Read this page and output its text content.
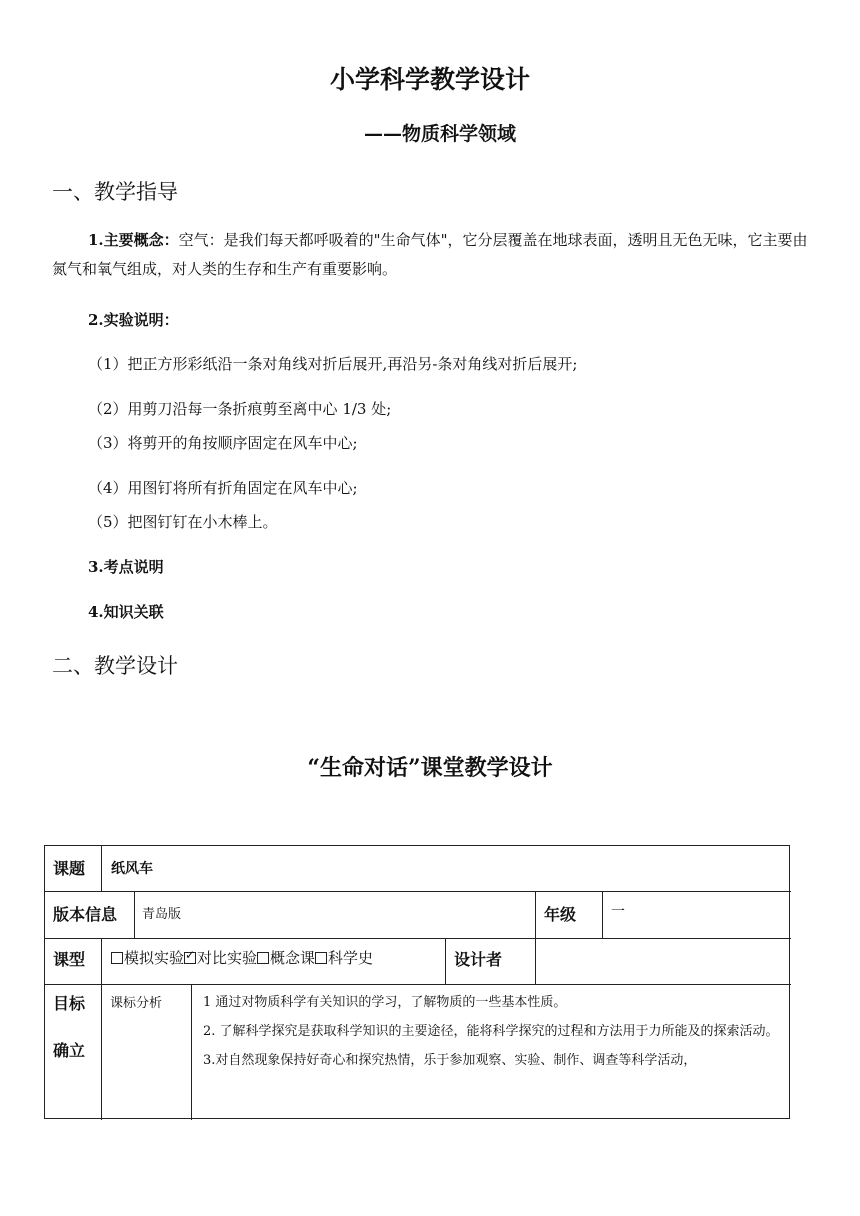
小学科学教学设计
——物质科学领域
一、教学指导
1.主要概念：空气：是我们每天都呼吸着的"生命气体"，它分层覆盖在地球表面，透明且无色无味，它主要由氮气和氧气组成，对人类的生存和生产有重要影响。
2.实验说明：
（1）把正方形彩纸沿一条对角线对折后展开,再沿另-条对角线对折后展开;
（2）用剪刀沿每一条折痕剪至离中心 1/3 处;
（3）将剪开的角按顺序固定在风车中心;
（4）用图钉将所有折角固定在风车中心;
（5）把图钉钉在小木棒上。
3.考点说明
4.知识关联
二、教学设计
“生命对话”课堂教学设计
课题 纸风车
版本信息 青岛版	年级 一
课型	模拟实验✓ 对比实验 概念课 科学史	设计者
目标
确立
课标分析	1 通过对物质科学有关知识的学习，了解物质的一些基本性质。
2. 了解科学探究是获取科学知识的主要途径，能将科学探究的过程和方法用于力所能及的探索活动。
3.对自然现象保持好奇心和探究热情，乐于参加观察、实验、制作、调查等科学活动，
